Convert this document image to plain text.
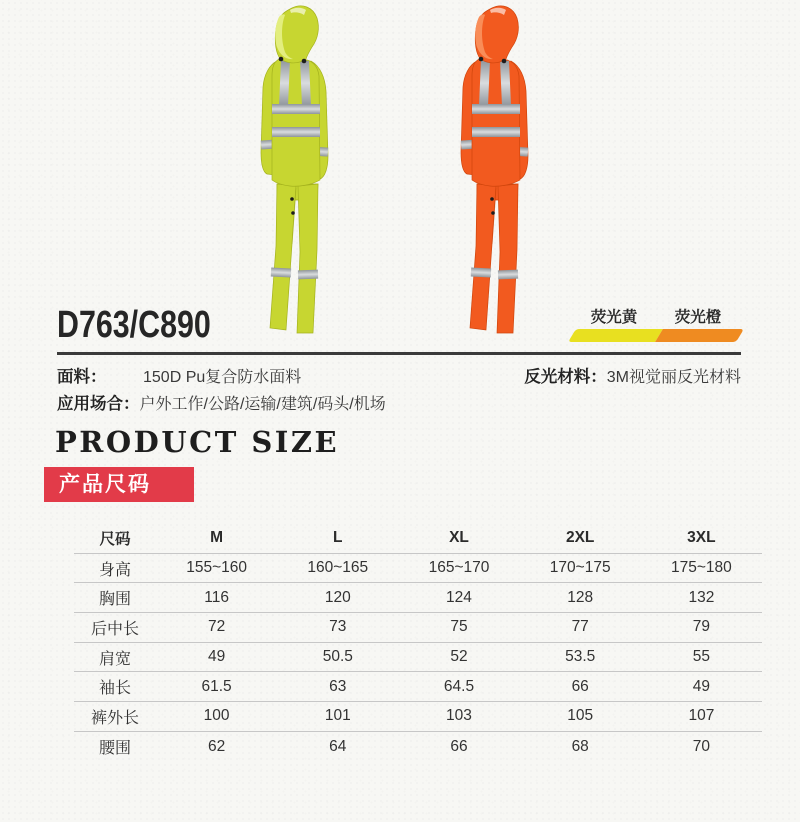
荧光黄 荧光橙
D763/C890
面料： 150D Pu复合防水面料	反光材料：3M视觉丽反光材料
应用场合：户外工作/公路/运输/建筑/码头/机场
PRODUCT SIZE
产品尺码
尺码	M	L	XL	2XL	3XL
身高	155~160	160~165	165~170	170~175	175~180
胸围	116	120	124	128	132
后中长	72	73	75	77	79
肩宽	49	50.5	52	53.5	55
袖长	61.5	63	64.5	66	49
裤外长	100	101	103	105	107
腰围	62	64	66	68	70
